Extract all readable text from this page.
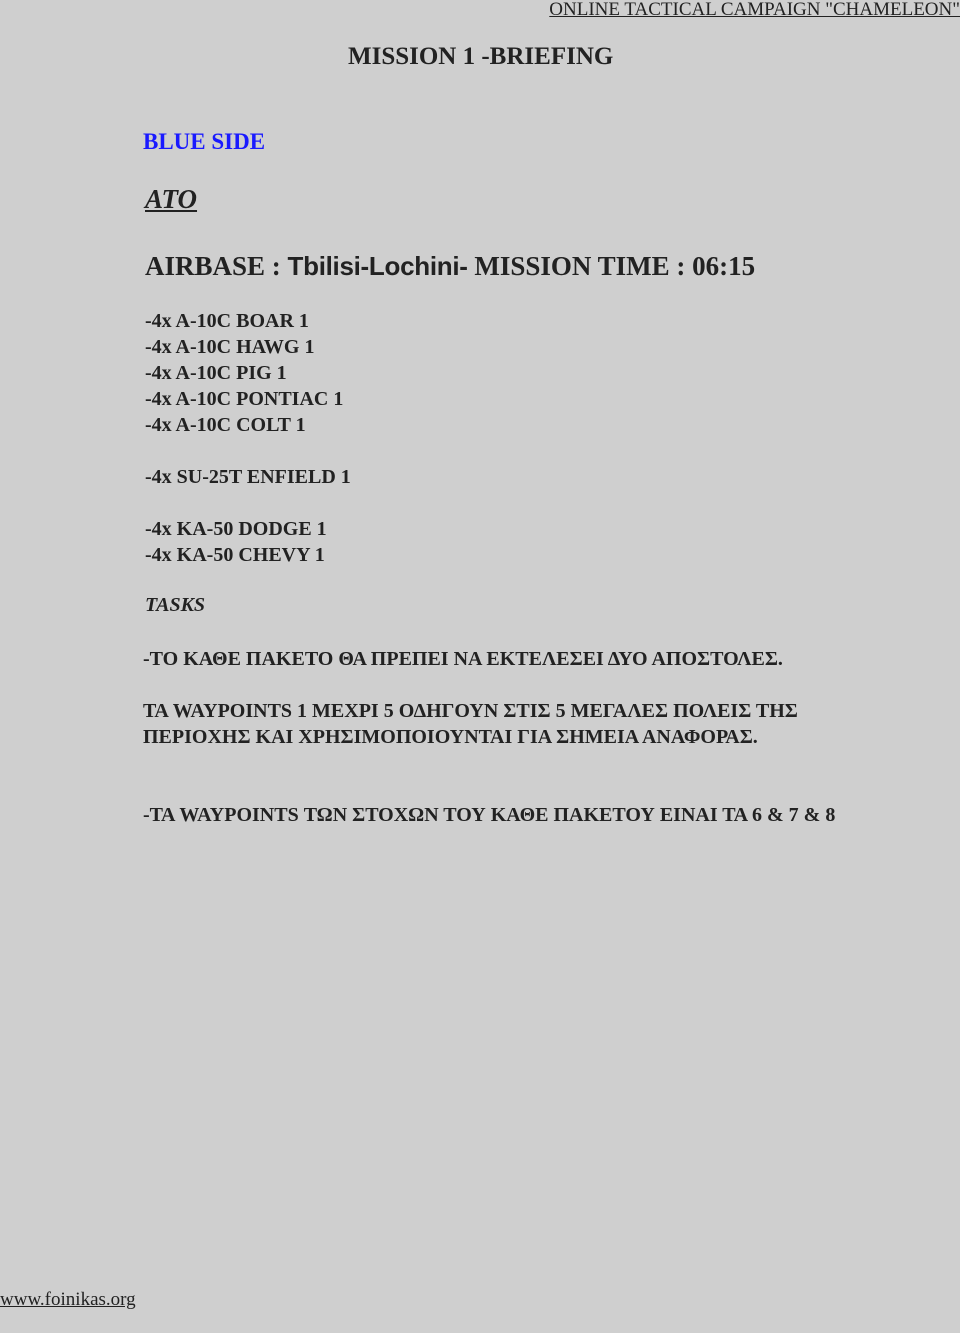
ONLINE TACTICAL CAMPAIGN "CHAMELEON"
MISSION 1 -BRIEFING
BLUE SIDE
ATO
AIRBASE : Tbilisi-Lochini- MISSION TIME : 06:15
-4x A-10C BOAR 1
-4x A-10C HAWG 1
-4x A-10C PIG 1
-4x A-10C PONTIAC 1
-4x A-10C COLT 1
-4x SU-25T ENFIELD 1
-4x KA-50 DODGE 1
-4x KA-50 CHEVY 1
TASKS
-ΤΟ ΚΑΘΕ ΠΑΚΕΤΟ ΘΑ ΠΡΕΠΕΙ ΝΑ ΕΚΤΕΛΕΣΕΙ ΔΥΟ ΑΠΟΣΤΟΛΕΣ.
ΤΑ WAYPOINTS 1 ΜΕΧΡΙ 5 ΟΔΗΓΟΥΝ ΣΤΙΣ 5 ΜΕΓΑΛΕΣ ΠΟΛΕΙΣ ΤΗΣ ΠΕΡΙΟΧΗΣ ΚΑΙ ΧΡΗΣΙΜΟΠΟΙΟΥΝΤΑΙ ΓΙΑ ΣΗΜΕΙΑ ΑΝΑΦΟΡΑΣ.
-ΤΑ WAYPOINTS ΤΩΝ ΣΤΟΧΩΝ ΤΟΥ ΚΑΘΕ ΠΑΚΕΤΟΥ ΕΙΝΑΙ ΤΑ 6 & 7 & 8
www.foinikas.org
